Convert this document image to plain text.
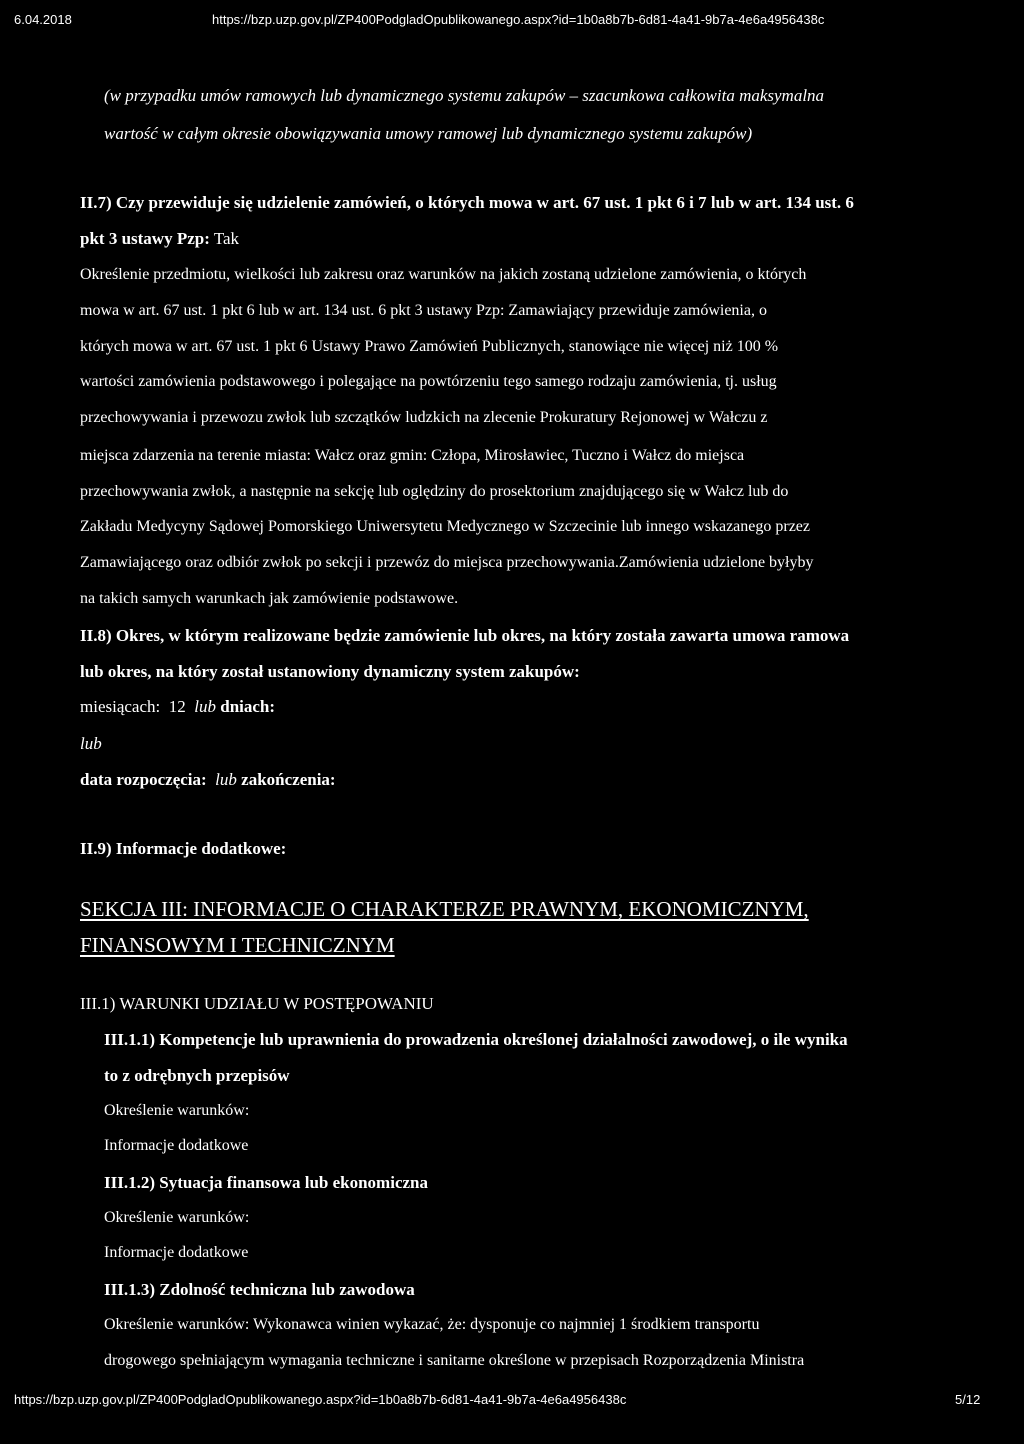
6.04.2018	https://bzp.uzp.gov.pl/ZP400PodgladOpublikowanego.aspx?id=1b0a8b7b-6d81-4a41-9b7a-4e6a4956438c
(w przypadku umów ramowych lub dynamicznego systemu zakupów – szacunkowa całkowita maksymalna
wartość w całym okresie obowiązywania umowy ramowej lub dynamicznego systemu zakupów)
II.7) Czy przewiduje się udzielenie zamówień, o których mowa w art. 67 ust. 1 pkt 6 i 7 lub w art. 134 ust. 6
pkt 3 ustawy Pzp: Tak
Określenie przedmiotu, wielkości lub zakresu oraz warunków na jakich zostaną udzielone zamówienia, o których
mowa w art. 67 ust. 1 pkt 6 lub w art. 134 ust. 6 pkt 3 ustawy Pzp: Zamawiający przewiduje zamówienia, o
których mowa w art. 67 ust. 1 pkt 6 Ustawy Prawo Zamówień Publicznych, stanowiące nie więcej niż 100 %
wartości zamówienia podstawowego i polegające na powtórzeniu tego samego rodzaju zamówienia, tj. usług
przechowywania i przewozu zwłok lub szczątków ludzkich na zlecenie Prokuratury Rejonowej w Wałczu z
miejsca zdarzenia na terenie miasta: Wałcz oraz gmin: Człopa, Mirosławiec, Tuczno i Wałcz do miejsca
przechowywania zwłok, a następnie na sekcję lub oględziny do prosektorium znajdującego się w Wałcz lub do
Zakładu Medycyny Sądowej Pomorskiego Uniwersytetu Medycznego w Szczecinie lub innego wskazanego przez
Zamawiającego oraz odbiór zwłok po sekcji i przewóz do miejsca przechowywania.Zamówienia udzielone byłyby
na takich samych warunkach jak zamówienie podstawowe.
II.8) Okres, w którym realizowane będzie zamówienie lub okres, na który została zawarta umowa ramowa
lub okres, na który został ustanowiony dynamiczny system zakupów:
miesiącach: 12 lub dniach:
lub
data rozpoczęcia: lub zakończenia:
II.9) Informacje dodatkowe:
SEKCJA III: INFORMACJE O CHARAKTERZE PRAWNYM, EKONOMICZNYM,
FINANSOWYM I TECHNICZNYM
III.1) WARUNKI UDZIAŁU W POSTĘPOWANIU
III.1.1) Kompetencje lub uprawnienia do prowadzenia określonej działalności zawodowej, o ile wynika
to z odrębnych przepisów
Określenie warunków:
Informacje dodatkowe
III.1.2) Sytuacja finansowa lub ekonomiczna
Określenie warunków:
Informacje dodatkowe
III.1.3) Zdolność techniczna lub zawodowa
Określenie warunków: Wykonawca winien wykazać, że: dysponuje co najmniej 1 środkiem transportu
drogowego spełniającym wymagania techniczne i sanitarne określone w przepisach Rozporządzenia Ministra
https://bzp.uzp.gov.pl/ZP400PodgladOpublikowanego.aspx?id=1b0a8b7b-6d81-4a41-9b7a-4e6a4956438c	5/12
